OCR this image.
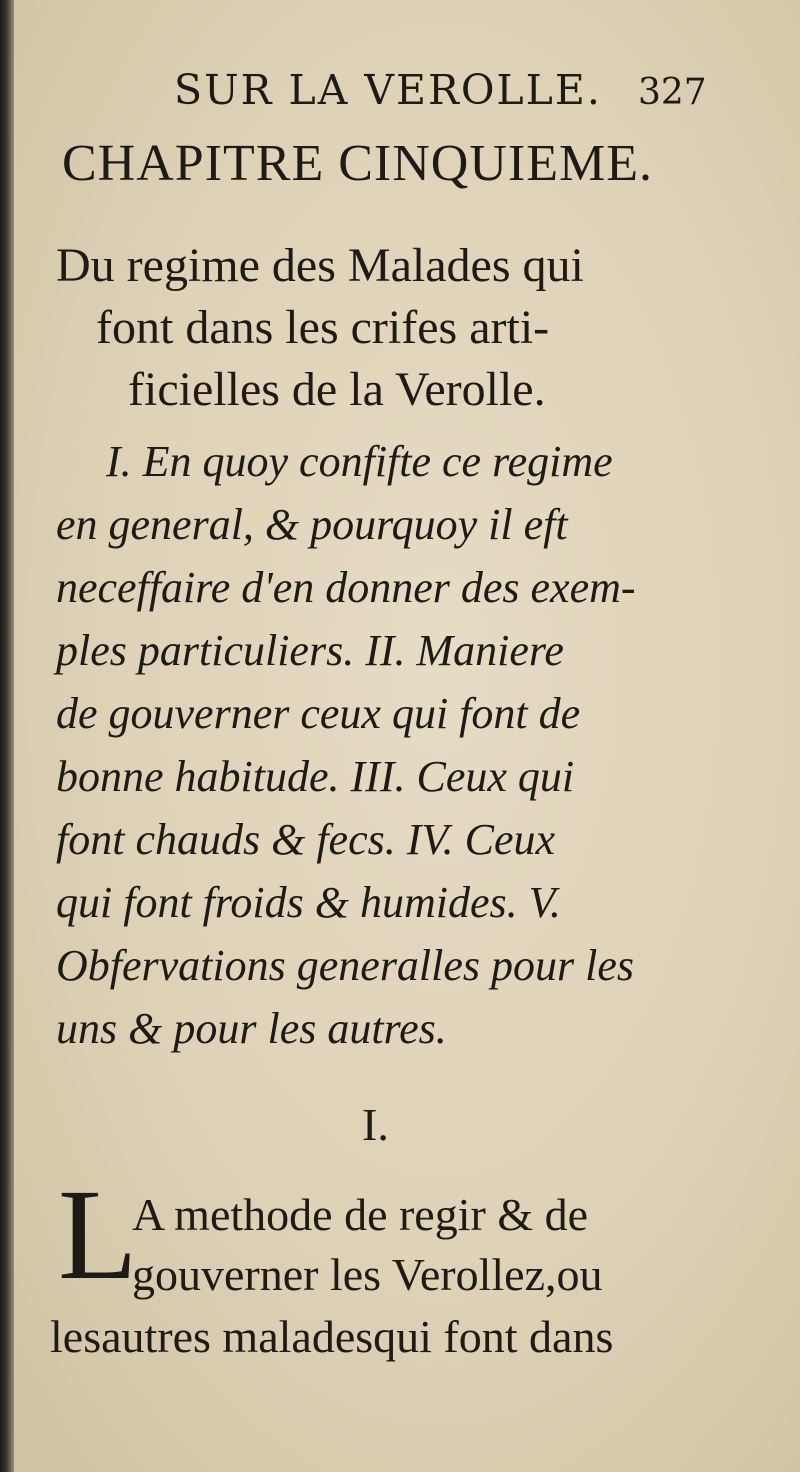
SUR LA VEROLLE. 327
CHAPITRE CINQUIEME.
Du regime des Malades qui
font dans les crifes arti-
ficielles de la Verolle.
I. En quoy confifte ce regime
en general, & pourquoy il eft
neceffaire d'en donner des exem-
ples particuliers. II. Maniere
de gouverner ceux qui font de
bonne habitude. III. Ceux qui
font chauds & fecs. IV. Ceux
qui font froids & humides. V.
Obfervations generalles pour les
uns & pour les autres.
I.
L
A methode de regir & de
gouverner les Verollez,ou
lesautres maladesqui font dans
